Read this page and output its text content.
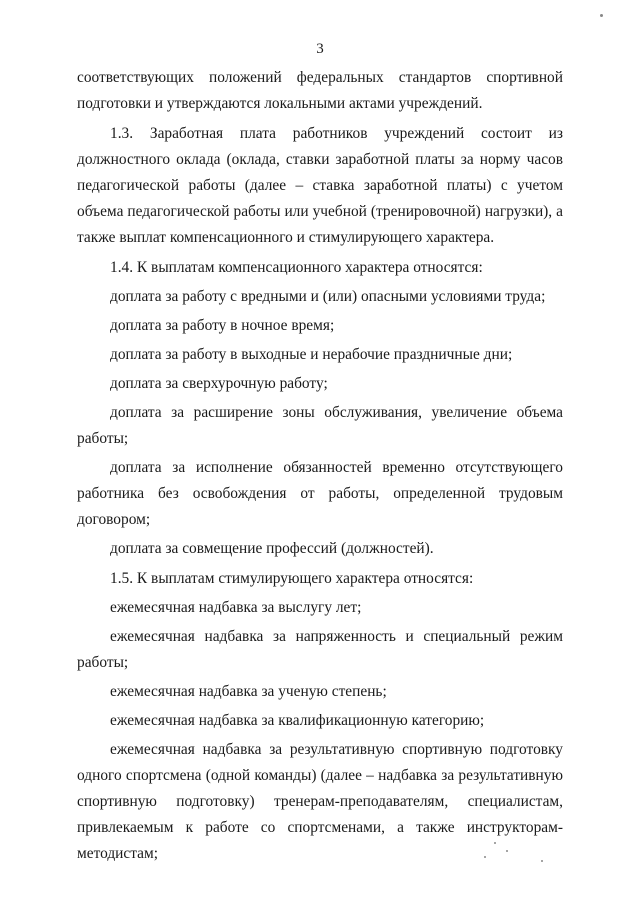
3

соответствующих положений федеральных стандартов спортивной подготовки и утверждаются локальными актами учреждений.

1.3. Заработная плата работников учреждений состоит из должностного оклада (оклада, ставки заработной платы за норму часов педагогической работы (далее – ставка заработной платы) с учетом объема педагогической работы или учебной (тренировочной) нагрузки), а также выплат компенсационного и стимулирующего характера.

1.4. К выплатам компенсационного характера относятся:

доплата за работу с вредными и (или) опасными условиями труда;

доплата за работу в ночное время;

доплата за работу в выходные и нерабочие праздничные дни;

доплата за сверхурочную работу;

доплата за расширение зоны обслуживания, увеличение объема работы;

доплата за исполнение обязанностей временно отсутствующего работника без освобождения от работы, определенной трудовым договором;

доплата за совмещение профессий (должностей).

1.5. К выплатам стимулирующего характера относятся:

ежемесячная надбавка за выслугу лет;

ежемесячная надбавка за напряженность и специальный режим работы;

ежемесячная надбавка за ученую степень;

ежемесячная надбавка за квалификационную категорию;

ежемесячная надбавка за результативную спортивную подготовку одного спортсмена (одной команды) (далее – надбавка за результативную спортивную подготовку) тренерам-преподавателям, специалистам, привлекаемым к работе со спортсменами, а также инструкторам-методистам;
